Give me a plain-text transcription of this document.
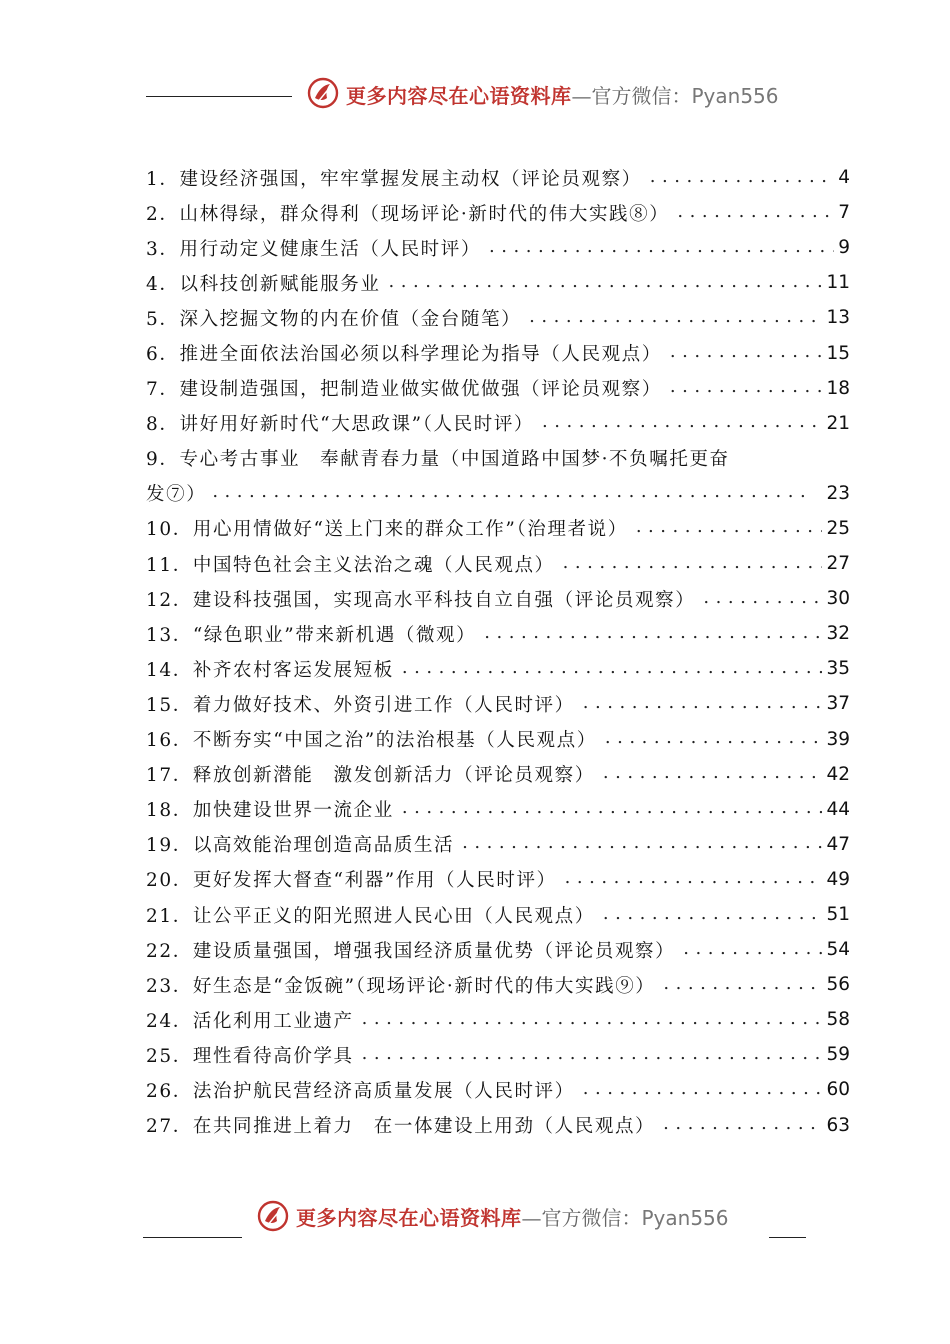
更多内容尽在心语资料库—官方微信：Pyan556
1．建设经济强国，牢牢掌握发展主动权（评论员观察） . . .	4
2．山林得绿，群众得利（现场评论·新时代的伟大实践⑧） . . .	7
3．用行动定义健康生活（人民时评） . . .	9
4．以科技创新赋能服务业 . . .	11
5．深入挖掘文物的内在价值（金台随笔） . . .	13
6．推进全面依法治国必须以科学理论为指导（人民观点） . . .	15
7．建设制造强国，把制造业做实做优做强（评论员观察） . . .	18
8．讲好用好新时代“大思政课”（人民时评） . . .	21
9．专心考古事业　奉献青春力量（中国道路中国梦·不负嘱托更奋
发⑦） . . .	23
10．用心用情做好“送上门来的群众工作”（治理者说） . . .	25
11．中国特色社会主义法治之魂（人民观点） . . .	27
12．建设科技强国，实现高水平科技自立自强（评论员观察） . . .	30
13．“绿色职业”带来新机遇（微观） . . .	32
14．补齐农村客运发展短板 . . .	35
15．着力做好技术、外资引进工作（人民时评） . . .	37
16．不断夯实“中国之治”的法治根基（人民观点） . . .	39
17．释放创新潜能　激发创新活力（评论员观察） . . .	42
18．加快建设世界一流企业 . . .	44
19．以高效能治理创造高品质生活 . . .	47
20．更好发挥大督查“利器”作用（人民时评） . . .	49
21．让公平正义的阳光照进人民心田（人民观点） . . .	51
22．建设质量强国，增强我国经济质量优势（评论员观察） . . .	54
23．好生态是“金饭碗”（现场评论·新时代的伟大实践⑨） . . .	56
24．活化利用工业遗产 . . .	58
25．理性看待高价学具 . . .	59
26．法治护航民营经济高质量发展（人民时评） . . .	60
27．在共同推进上着力　在一体建设上用劲（人民观点） . . .	63
更多内容尽在心语资料库—官方微信：Pyan556
